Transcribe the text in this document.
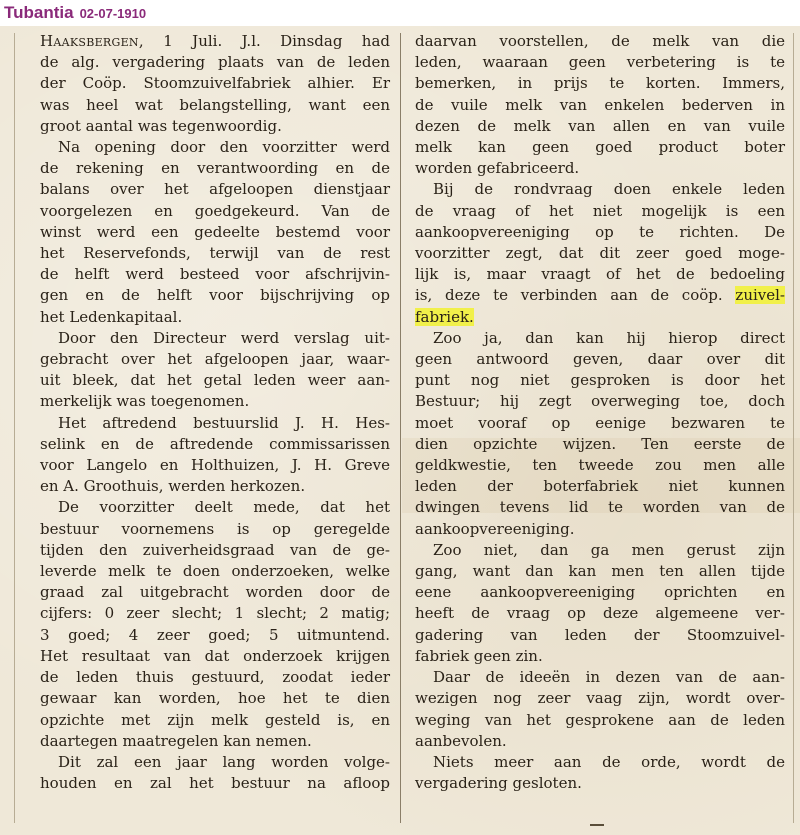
Tubantia 02-07-1910
Haaksbergen, 1 Juli. J.l. Dinsdag had
de alg. vergadering plaats van de leden
der Coöp. Stoomzuivelfabriek alhier. Er
was heel wat belangstelling, want een
groot aantal was tegenwoordig.
Na opening door den voorzitter werd
de rekening en verantwoording en de
balans over het afgeloopen dienstjaar
voorgelezen en goedgekeurd. Van de
winst werd een gedeelte bestemd voor
het Reservefonds, terwijl van de rest
de helft werd besteed voor afschrijvin-
gen en de helft voor bijschrijving op
het Ledenkapitaal.
Door den Directeur werd verslag uit-
gebracht over het afgeloopen jaar, waar-
uit bleek, dat het getal leden weer aan-
merkelijk was toegenomen.
Het aftredend bestuurslid J. H. Hes-
selink en de aftredende commissarissen
voor Langelo en Holthuizen, J. H. Greve
en A. Groothuis, werden herkozen.
De voorzitter deelt mede, dat het
bestuur voornemens is op geregelde
tijden den zuiverheidsgraad van de ge-
leverde melk te doen onderzoeken, welke
graad zal uitgebracht worden door de
cijfers: 0 zeer slecht; 1 slecht; 2 matig;
3 goed; 4 zeer goed; 5 uitmuntend.
Het resultaat van dat onderzoek krijgen
de leden thuis gestuurd, zoodat ieder
gewaar kan worden, hoe het te dien
opzichte met zijn melk gesteld is, en
daartegen maatregelen kan nemen.
Dit zal een jaar lang worden volge-
houden en zal het bestuur na afloop
daarvan voorstellen, de melk van die
leden, waaraan geen verbetering is te
bemerken, in prijs te korten. Immers,
de vuile melk van enkelen bederven in
dezen de melk van allen en van vuile
melk kan geen goed product boter
worden gefabriceerd.
Bij de rondvraag doen enkele leden
de vraag of het niet mogelijk is een
aankoopvereeniging op te richten. De
voorzitter zegt, dat dit zeer goed moge-
lijk is, maar vraagt of het de bedoeling
is, deze te verbinden aan de coöp. zuivel-
fabriek.
Zoo ja, dan kan hij hierop direct
geen antwoord geven, daar over dit
punt nog niet gesproken is door het
Bestuur; hij zegt overweging toe, doch
moet vooraf op eenige bezwaren te
dien opzichte wijzen. Ten eerste de
geldkwestie, ten tweede zou men alle
leden der boterfabriek niet kunnen
dwingen tevens lid te worden van de
aankoopvereeniging.
Zoo niet, dan ga men gerust zijn
gang, want dan kan men ten allen tijde
eene aankoopvereeniging oprichten en
heeft de vraag op deze algemeene ver-
gadering van leden der Stoomzuivel-
fabriek geen zin.
Daar de ideeën in dezen van de aan-
wezigen nog zeer vaag zijn, wordt over-
weging van het gesprokene aan de leden
aanbevolen.
Niets meer aan de orde, wordt de
vergadering gesloten.
